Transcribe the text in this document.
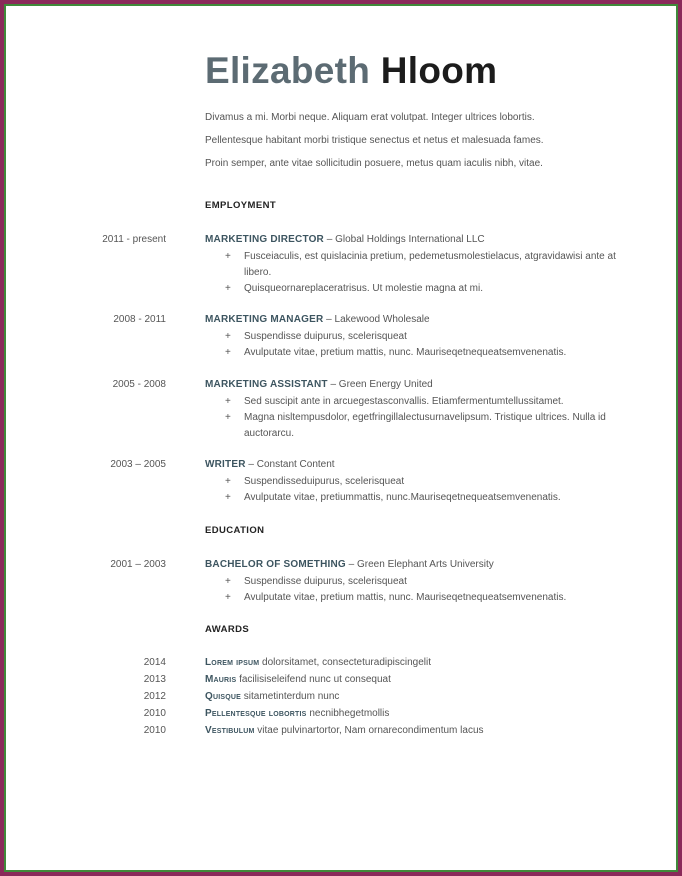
Elizabeth Hloom

Divamus a mi. Morbi neque. Aliquam erat volutpat. Integer ultrices lobortis.

Pellentesque habitant morbi tristique senectus et netus et malesuada fames.

Proin semper, ante vitae sollicitudin posuere, metus quam iaculis nibh, vitae.

EMPLOYMENT
2011 - present	MARKETING DIRECTOR – Global Holdings International LLC
+ Fusceiaculis, est quislacinia pretium, pedemetusmolestielacus, atgravidawisi ante at libero.
+ Quisqueornareplaceratrisus. Ut molestie magna at mi.
2008 - 2011	MARKETING MANAGER – Lakewood Wholesale
+ Suspendisse duipurus, scelerisqueat
+ Avulputate vitae, pretium mattis, nunc. Mauriseqetnequeatsemvenenatis.
2005 - 2008	MARKETING ASSISTANT – Green Energy United
+ Sed suscipit ante in arcuegestasconvallis. Etiamfermentumtellussitamet.
+ Magna nisltempusdolor, egetfringillalectusurnavelipsum. Tristique ultrices. Nulla id auctorarcu.
2003 – 2005	WRITER – Constant Content
+ Suspendisseduipurus, scelerisqueat
+ Avulputate vitae, pretiummattis, nunc.Mauriseqetnequeatsemvenenatis.
EDUCATION
2001 – 2003	BACHELOR OF SOMETHING – Green Elephant Arts University
+ Suspendisse duipurus, scelerisqueat
+ Avulputate vitae, pretium mattis, nunc. Mauriseqetnequeatsemvenenatis.
AWARDS
2014	Lorem ipsum dolorsitamet, consecteturadipiscingelit
2013	Mauris facilisiseleifend nunc ut consequat
2012	Quisque sitametinterdum nunc
2010	Pellentesque lobortis necnibhegetmollis
2010	Vestibulum vitae pulvinartortor, Nam ornarecondimentum lacus
